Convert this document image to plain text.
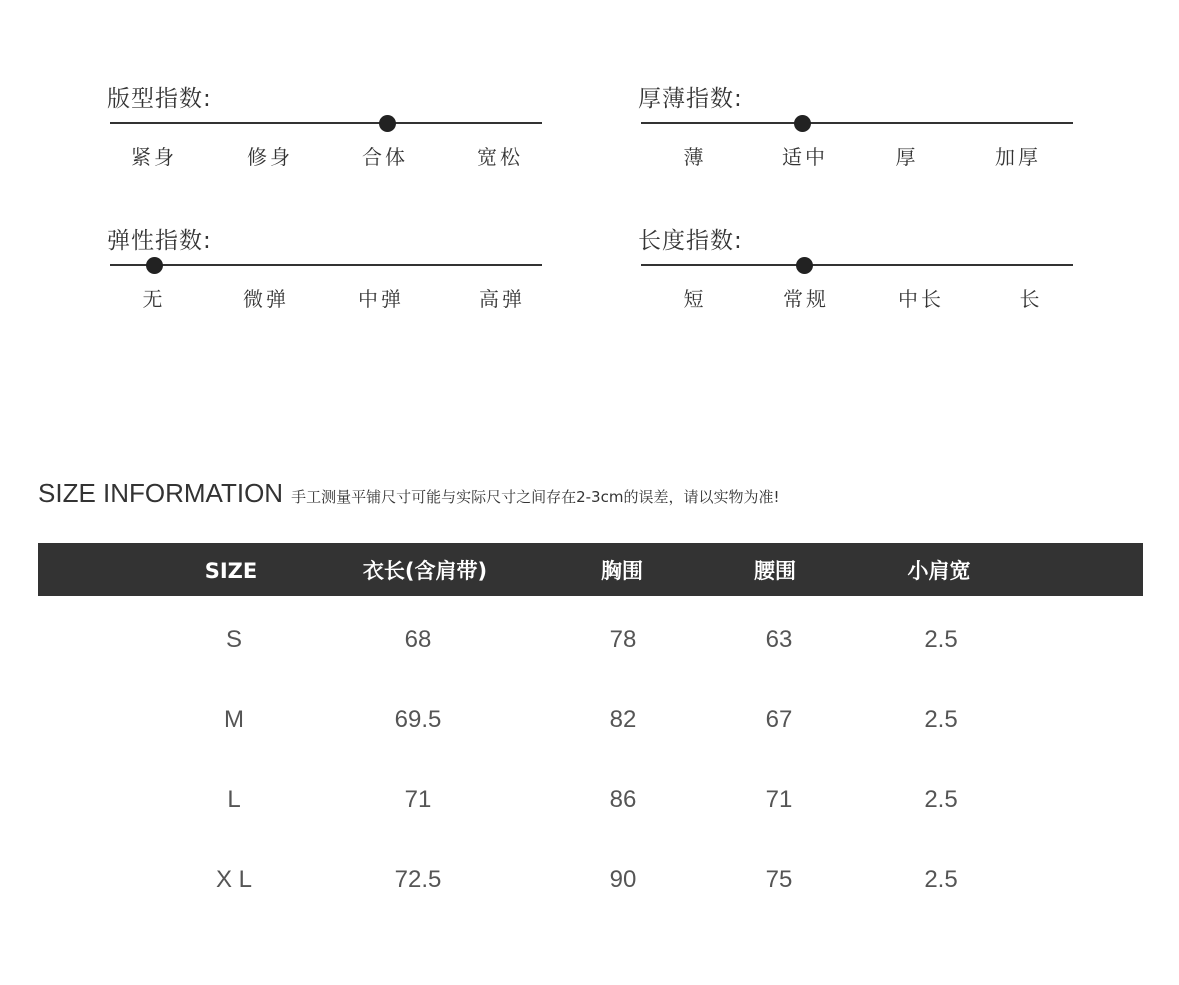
版型指数:
紧身	修身	合体	宽松
厚薄指数:
薄	适中	厚	加厚
弹性指数:
无	微弹	中弹	高弹
长度指数:
短	常规	中长	长
SIZE INFORMATION 手工测量平铺尺寸可能与实际尺寸之间存在2-3cm的误差，请以实物为准!
SIZE	衣长(含肩带)	胸围	腰围	小肩宽
S	68	78	63	2.5
M	69.5	82	67	2.5
L	71	86	71	2.5
X L	72.5	90	75	2.5
